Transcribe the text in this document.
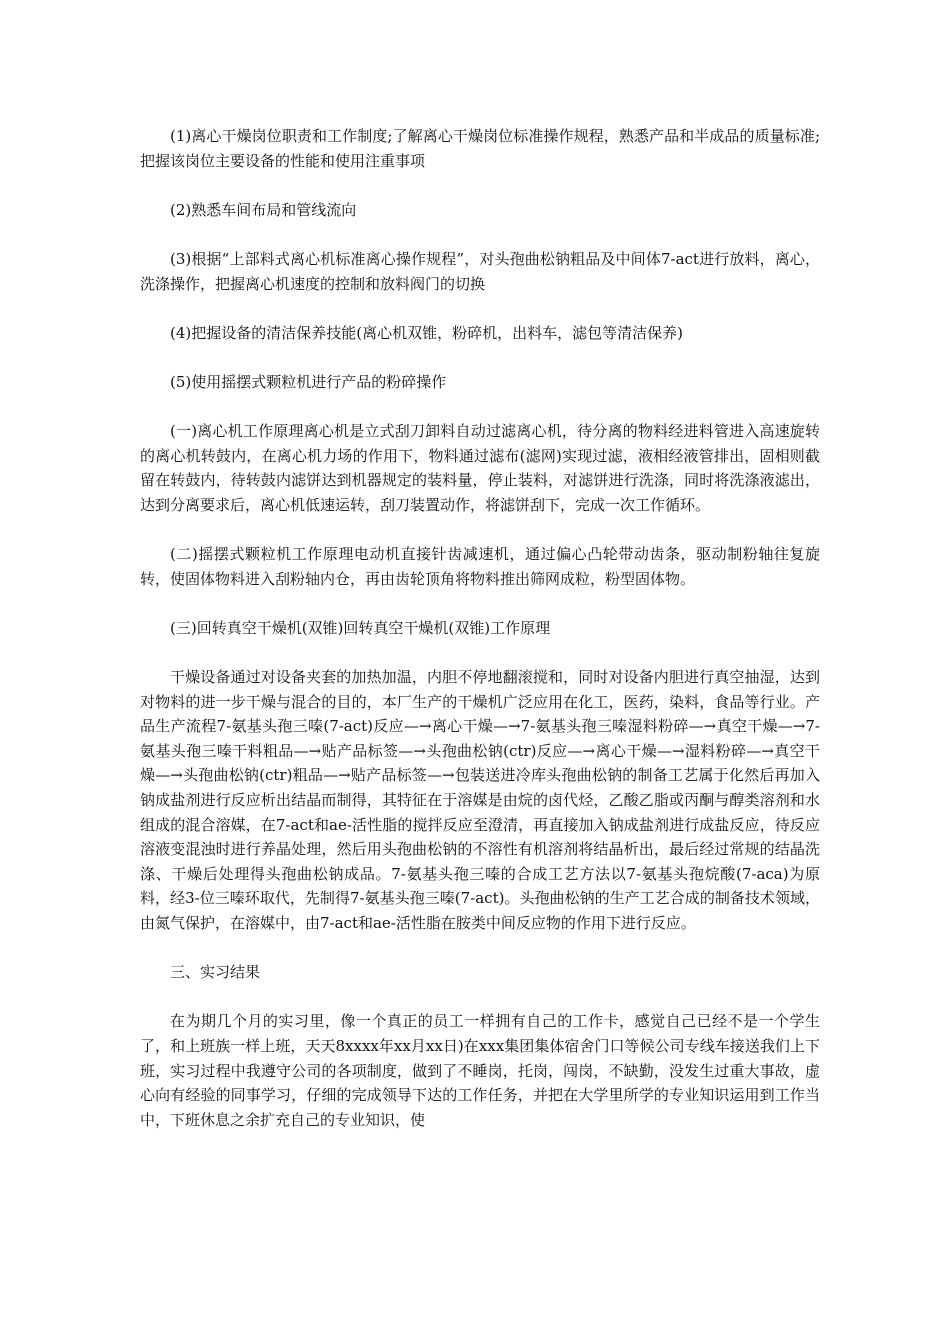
(1)离心干燥岗位职责和工作制度;了解离心干燥岗位标准操作规程，熟悉产品和半成品的质量标准;把握该岗位主要设备的性能和使用注重事项

(2)熟悉车间布局和管线流向

(3)根据“上部料式离心机标准离心操作规程”，对头孢曲松钠粗品及中间体7-act进行放料，离心，洗涤操作，把握离心机速度的控制和放料阀门的切换

(4)把握设备的清洁保养技能(离心机双锥，粉碎机，出料车，滤包等清洁保养)

(5)使用摇摆式颗粒机进行产品的粉碎操作

(一)离心机工作原理离心机是立式刮刀卸料自动过滤离心机，待分离的物料经进料管进入高速旋转的离心机转鼓内，在离心机力场的作用下，物料通过滤布(滤网)实现过滤，液相经液管排出，固相则截留在转鼓内，待转鼓内滤饼达到机器规定的装料量，停止装料，对滤饼进行洗涤，同时将洗涤液滤出，达到分离要求后，离心机低速运转，刮刀装置动作，将滤饼刮下，完成一次工作循环。

(二)摇摆式颗粒机工作原理电动机直接针齿减速机，通过偏心凸轮带动齿条，驱动制粉轴往复旋转，使固体物料进入刮粉轴内仓，再由齿轮顶角将物料推出筛网成粒，粉型固体物。

(三)回转真空干燥机(双锥)回转真空干燥机(双锥)工作原理

干燥设备通过对设备夹套的加热加温，内胆不停地翻滚搅和，同时对设备内胆进行真空抽湿，达到对物料的进一步干燥与混合的目的，本厂生产的干燥机广泛应用在化工，医药，染料，食品等行业。产品生产流程7-氨基头孢三嗪(7-act)反应—→离心干燥—→7-氨基头孢三嗪湿料粉碎—→真空干燥—→7-氨基头孢三嗪干料粗品—→贴产品标签—→头孢曲松钠(ctr)反应—→离心干燥—→湿料粉碎—→真空干燥—→头孢曲松钠(ctr)粗品—→贴产品标签—→包装送进冷库头孢曲松钠的制备工艺属于化然后再加入钠成盐剂进行反应析出结晶而制得，其特征在于溶媒是由烷的卤代烃，乙酸乙脂或丙酮与醇类溶剂和水组成的混合溶媒，在7-act和ae-活性脂的搅拌反应至澄清，再直接加入钠成盐剂进行成盐反应，待反应溶液变混浊时进行养晶处理，然后用头孢曲松钠的不溶性有机溶剂将结晶析出，最后经过常规的结晶洗涤、干燥后处理得头孢曲松钠成品。7-氨基头孢三嗪的合成工艺方法以7-氨基头孢烷酸(7-aca)为原料，经3-位三嗪环取代，先制得7-氨基头孢三嗪(7-act)。头孢曲松钠的生产工艺合成的制备技术领域，由氮气保护，在溶媒中，由7-act和ae-活性脂在胺类中间反应物的作用下进行反应。

三、实习结果

在为期几个月的实习里，像一个真正的员工一样拥有自己的工作卡，感觉自己已经不是一个学生了，和上班族一样上班，天天8xxxx年xx月xx日)在xxx集团集体宿舍门口等候公司专线车接送我们上下班，实习过程中我遵守公司的各项制度，做到了不睡岗，托岗，闯岗，不缺勤，没发生过重大事故，虚心向有经验的同事学习，仔细的完成领导下达的工作任务，并把在大学里所学的专业知识运用到工作当中，下班休息之余扩充自己的专业知识，使
